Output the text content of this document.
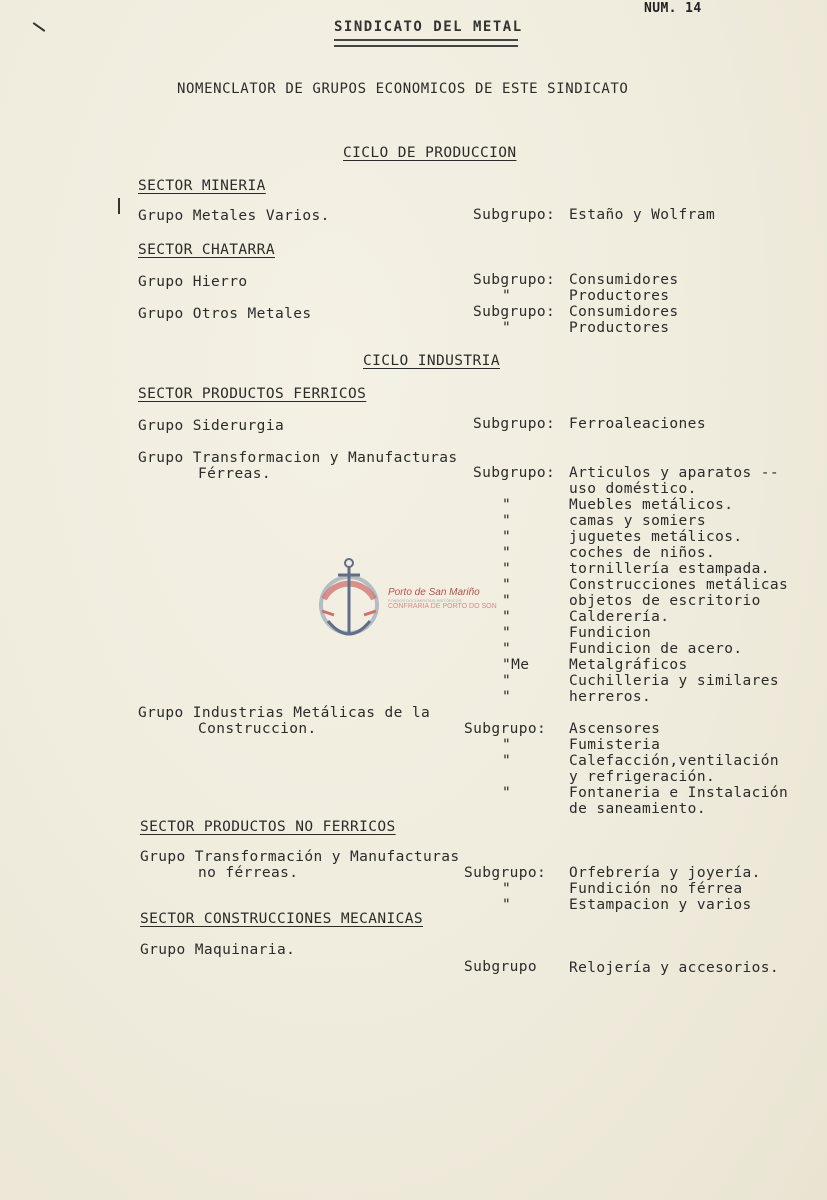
SINDICATO DEL METAL
NUM. 14
NOMENCLATOR DE GRUPOS ECONOMICOS DE ESTE SINDICATO
CICLO DE PRODUCCION
SECTOR MINERIA
Grupo Metales Varios.	Subgrupo: Estaño y Wolfram
SECTOR CHATARRA
Grupo Hierro	Subgrupo: Consumidores
"	Productores
Grupo Otros Metales	Subgrupo: Consumidores
"	Productores
CICLO INDUSTRIA
SECTOR PRODUCTOS FERRICOS
Grupo Siderurgia	Subgrupo: Ferroaleaciones
Grupo Transformacion y Manufacturas
Férreas.	Subgrupo: Articulos y aparatos --
uso doméstico.
"	Muebles metálicos.
"	camas y somiers
"	juguetes metálicos.
"	coches de niños.
"	tornillería estampada.
"	Construcciones metálicas
"	objetos de escritorio
"	Calderería.
"	Fundicion
"	Fundicion de acero.
"Me	Metalgráficos
"	Cuchilleria y similares
"	herreros.
Grupo Industrias Metálicas de la
Construccion.	Subgrupo: Ascensores
"	Fumisteria
"	Calefacción,ventilación
y refrigeración.
"	Fontaneria e Instalación
de saneamiento.
SECTOR PRODUCTOS NO FERRICOS
Grupo Transformación y Manufacturas
no férreas.	Subgrupo: Orfebrería y joyería.
"	Fundición no férrea
"	Estampacion y varios
SECTOR CONSTRUCCIONES MECANICAS
Grupo Maquinaria.
Subgrupo Relojería y accesorios.
Porto de San Mariño
FONDOS DOCUMENTAIS HISTÓRICOS
CONFRARIA DE PORTO DO SON
